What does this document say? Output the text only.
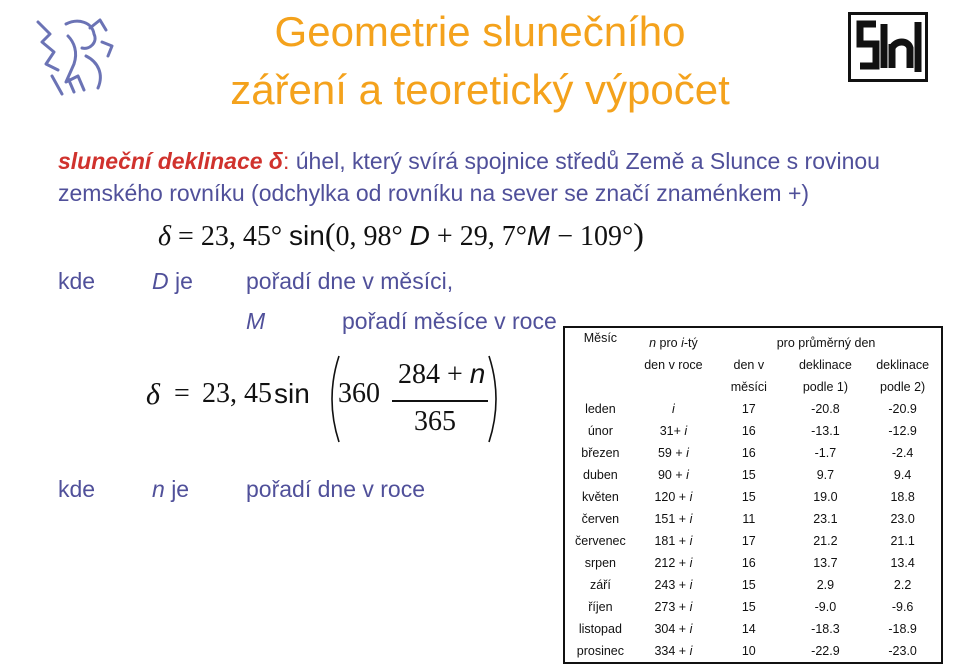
Geometrie slunečního
záření a teoretický výpočet
sluneční deklinace δ: úhel, který svírá spojnice středů Země a Slunce s rovinou
zemského rovníku (odchylka od rovníku na sever se značí znaménkem +)
δ = 23, 45° sin(0, 98° D + 29, 7°M − 109°)
kde D je pořadí dne v měsíci,
M	pořadí měsíce v roce
δ = 23, 45 sin 360
284 + n
365
kde n je pořadí dne v roce
Měsíc	n pro i-tý	pro průměrný den		
	den v roce	den v	deklinace	deklinace
		měsíci	podle 1)	podle 2)
leden	i	17	-20.8	-20.9
únor	31+ i	16	-13.1	-12.9
březen	59 + i	16	-1.7	-2.4
duben	90 + i	15	9.7	9.4
květen	120 + i	15	19.0	18.8
červen	151 + i	11	23.1	23.0
červenec	181 + i	17	21.2	21.1
srpen	212 + i	16	13.7	13.4
září	243 + i	15	2.9	2.2
říjen	273 + i	15	-9.0	-9.6
listopad	304 + i	14	-18.3	-18.9
prosinec	334 + i	10	-22.9	-23.0
